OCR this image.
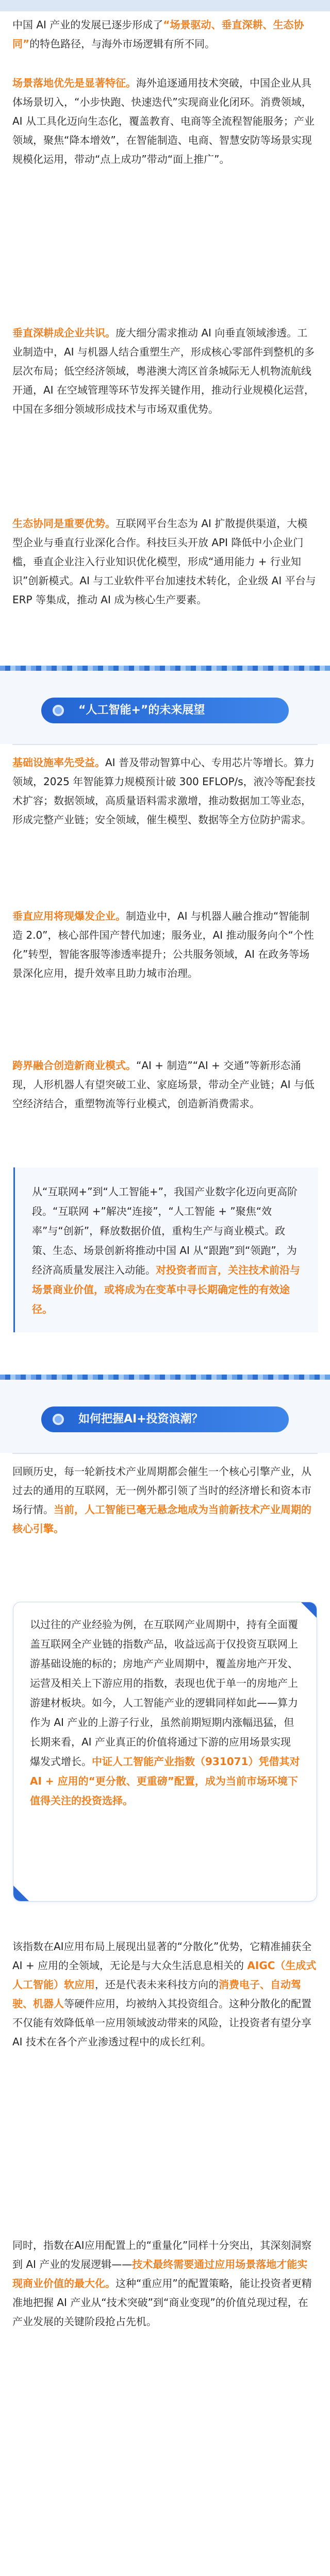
中国 AI 产业的发展已逐步形成了“场景驱动、垂直深耕、生态协同”的特色路径，与海外市场逻辑有所不同。

场景落地优先是显著特征。海外追逐通用技术突破，中国企业从具体场景切入，“小步快跑、快速迭代”实现商业化闭环。消费领域，AI 从工具化迈向生态化，覆盖教育、电商等全流程智能服务；产业领域，聚焦“降本增效”，在智能制造、电商、智慧安防等场景实现规模化运用，带动“点上成功”带动“面上推广”。

垂直深耕成企业共识。庞大细分需求推动 AI 向垂直领域渗透。工业制造中，AI 与机器人结合重塑生产，形成核心零部件到整机的多层次布局；低空经济领域，粤港澳大湾区首条城际无人机物流航线开通，AI 在空域管理等环节发挥关键作用，推动行业规模化运营，中国在多细分领域形成技术与市场双重优势。

生态协同是重要优势。互联网平台生态为 AI 扩散提供渠道，大模型企业与垂直行业深化合作。科技巨头开放 API 降低中小企业门槛，垂直企业注入行业知识优化模型，形成“通用能力 + 行业知识”创新模式。AI 与工业软件平台加速技术转化，企业级 AI 平台与 ERP 等集成，推动 AI 成为核心生产要素。

“人工智能+”的未来展望

基础设施率先受益。AI 普及带动智算中心、专用芯片等增长。算力领域，2025 年智能算力规模预计破 300 EFLOP/s，液冷等配套技术扩容；数据领域，高质量语料需求激增，推动数据加工等业态，形成完整产业链；安全领域，催生模型、数据等全方位防护需求。

垂直应用将现爆发企业。制造业中，AI 与机器人融合推动“智能制造 2.0”，核心部件国产替代加速；服务业，AI 推动服务向个“个性化”转型，智能客服等渗透率提升；公共服务领域，AI 在政务等场景深化应用，提升效率且助力城市治理。

跨界融合创造新商业模式。“AI + 制造”“AI + 交通”等新形态涌现，人形机器人有望突破工业、家庭场景，带动全产业链；AI 与低空经济结合，重塑物流等行业模式，创造新消费需求。

从“互联网+”到“人工智能+”，我国产业数字化迈向更高阶段。“互联网 +”解决“连接”，“人工智能 + ”聚焦“效率”与“创新”，释放数据价值，重构生产与商业模式。政策、生态、场景创新将推动中国 AI 从“跟跑”到“领跑”，为经济高质量发展注入动能。对投资者而言，关注技术前沿与场景商业价值，或将成为在变革中寻长期确定性的有效途径。

如何把握AI+投资浪潮？

回顾历史，每一轮新技术产业周期都会催生一个核心引擎产业，从过去的通用的互联网，无一例外都引领了当时的经济增长和资本市场行情。当前，人工智能已毫无悬念地成为当前新技术产业周期的核心引擎。

以过往的产业经验为例，在互联网产业周期中，持有全面覆盖互联网全产业链的指数产品，收益远高于仅投资互联网上游基础设施的标的；房地产产业周期中，覆盖房地产开发、运营及相关上下游应用的指数，表现也优于单一的房地产上游建材板块。如今，人工智能产业的逻辑同样如此——算力作为 AI 产业的上游子行业，虽然前期短期内涨幅迅猛，但长期来看，AI 产业真正的价值将通过下游的应用场景实现爆发式增长。中证人工智能产业指数（931071）凭借其对 AI + 应用的“更分散、更重磅”配置，成为当前市场环境下值得关注的投资选择。

该指数在AI应用布局上展现出显著的“分散化”优势，它精准捕获全 AI + 应用的全领域，无论是与大众生活息息相关的 AIGC（生成式人工智能）软应用，还是代表未来科技方向的消费电子、自动驾驶、机器人等硬件应用，均被纳入其投资组合。这种分散化的配置不仅能有效降低单一应用领域波动带来的风险，让投资者有望分享 AI 技术在各个产业渗透过程中的成长红利。

同时，指数在AI应用配置上的“重量化”同样十分突出，其深刻洞察到 AI 产业的发展逻辑——技术最终需要通过应用场景落地才能实现商业价值的最大化。这种“重应用”的配置策略，能让投资者更精准地把握 AI 产业从“技术突破”到“商业变现”的价值兑现过程，在产业发展的关键阶段抢占先机。
